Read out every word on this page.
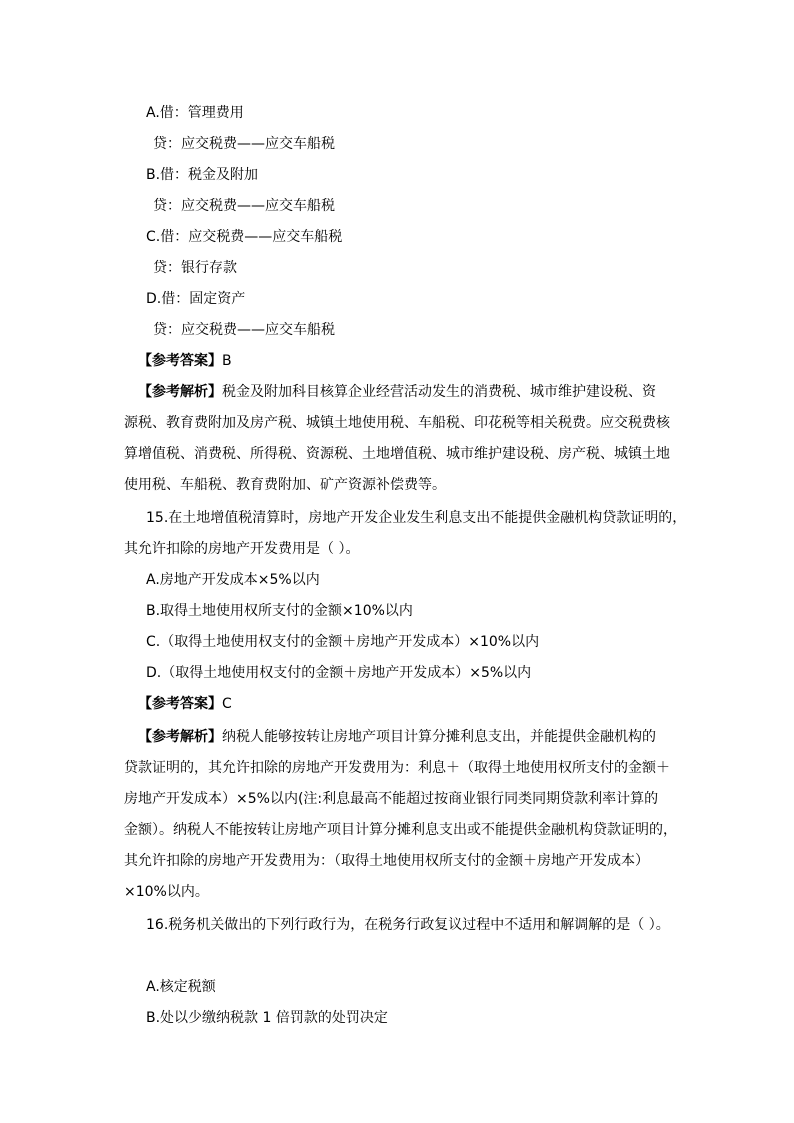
A.借：管理费用
贷：应交税费——应交车船税
B.借：税金及附加
贷：应交税费——应交车船税
C.借：应交税费——应交车船税
贷：银行存款
D.借：固定资产
贷：应交税费——应交车船税
【参考答案】B
【参考解析】税金及附加科目核算企业经营活动发生的消费税、城市维护建设税、资
源税、教育费附加及房产税、城镇土地使用税、车船税、印花税等相关税费。应交税费核
算增值税、消费税、所得税、资源税、土地增值税、城市维护建设税、房产税、城镇土地
使用税、车船税、教育费附加、矿产资源补偿费等。
15.在土地增值税清算时，房地产开发企业发生利息支出不能提供金融机构贷款证明的，
其允许扣除的房地产开发费用是（ ）。
A.房地产开发成本×5%以内
B.取得土地使用权所支付的金额×10%以内
C.（取得土地使用权支付的金额＋房地产开发成本）×10%以内
D.（取得土地使用权支付的金额＋房地产开发成本）×5%以内
【参考答案】C
【参考解析】纳税人能够按转让房地产项目计算分摊利息支出，并能提供金融机构的
贷款证明的，其允许扣除的房地产开发费用为：利息＋（取得土地使用权所支付的金额＋
房地产开发成本）×5%以内(注:利息最高不能超过按商业银行同类同期贷款利率计算的
金额）。纳税人不能按转让房地产项目计算分摊利息支出或不能提供金融机构贷款证明的，
其允许扣除的房地产开发费用为：（取得土地使用权所支付的金额＋房地产开发成本）
×10%以内。
16.税务机关做出的下列行政行为，在税务行政复议过程中不适用和解调解的是（ ）。
A.核定税额
B.处以少缴纳税款 1 倍罚款的处罚决定
